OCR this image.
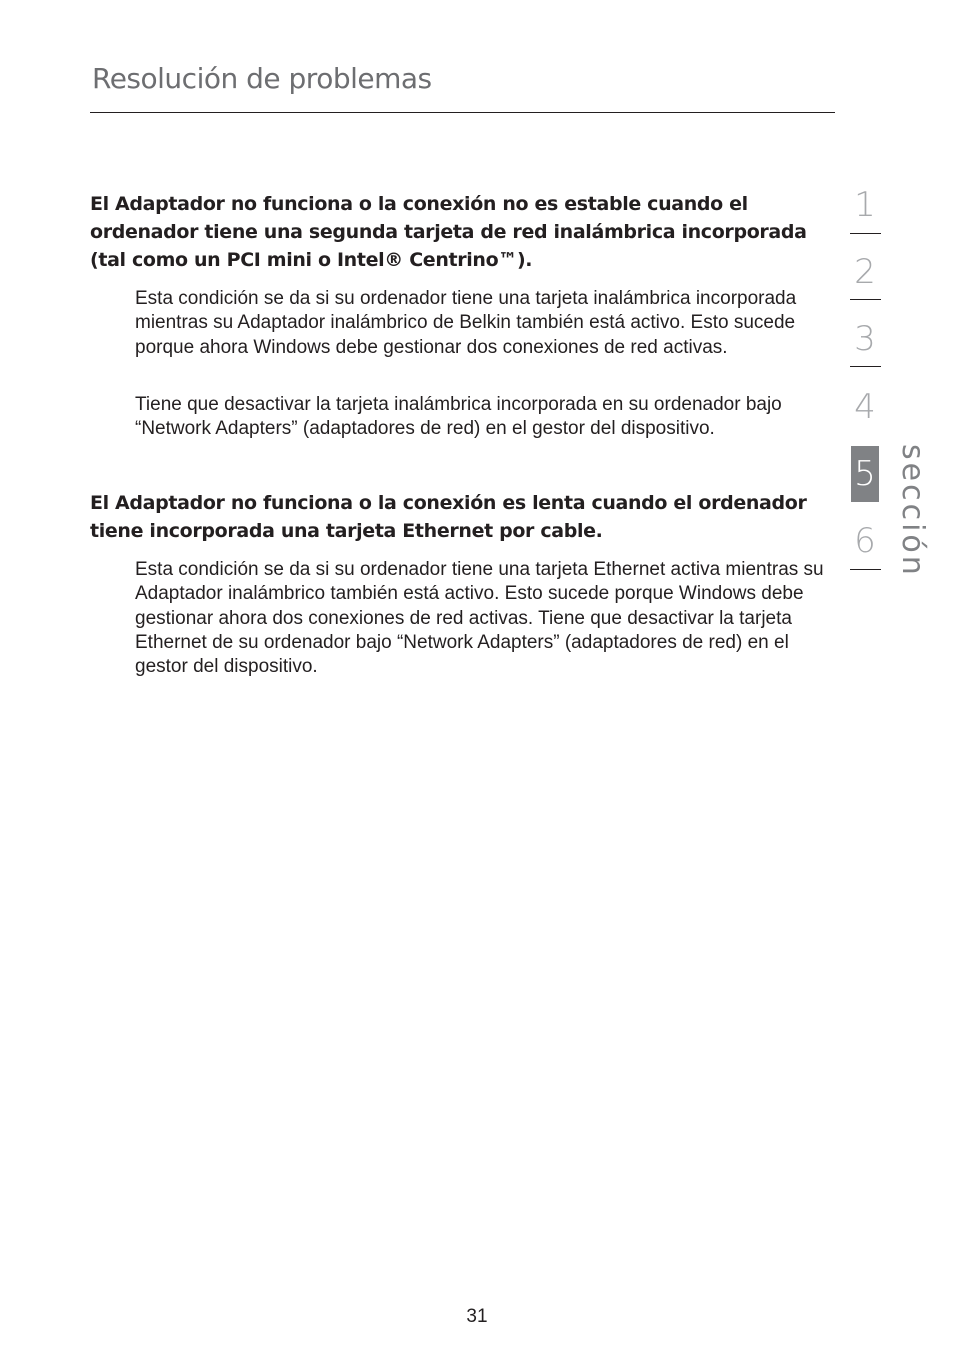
Resolución de problemas
El Adaptador no funciona o la conexión no es estable cuando el ordenador tiene una segunda tarjeta de red inalámbrica incorporada (tal como un PCI mini o Intel® Centrino™).
Esta condición se da si su ordenador tiene una tarjeta inalámbrica incorporada mientras su Adaptador inalámbrico de Belkin también está activo. Esto sucede porque ahora Windows debe gestionar dos conexiones de red activas.
Tiene que desactivar la tarjeta inalámbrica incorporada en su ordenador bajo “Network Adapters” (adaptadores de red) en el gestor del dispositivo.
El Adaptador no funciona o la conexión es lenta cuando el ordenador tiene incorporada una tarjeta Ethernet por cable.
Esta condición se da si su ordenador tiene una tarjeta Ethernet activa mientras su Adaptador inalámbrico también está activo. Esto sucede porque Windows debe gestionar ahora dos conexiones de red activas. Tiene que desactivar la tarjeta Ethernet de su ordenador bajo “Network Adapters” (adaptadores de red) en el gestor del dispositivo.
1
2
3
4
5
6 sección
31
